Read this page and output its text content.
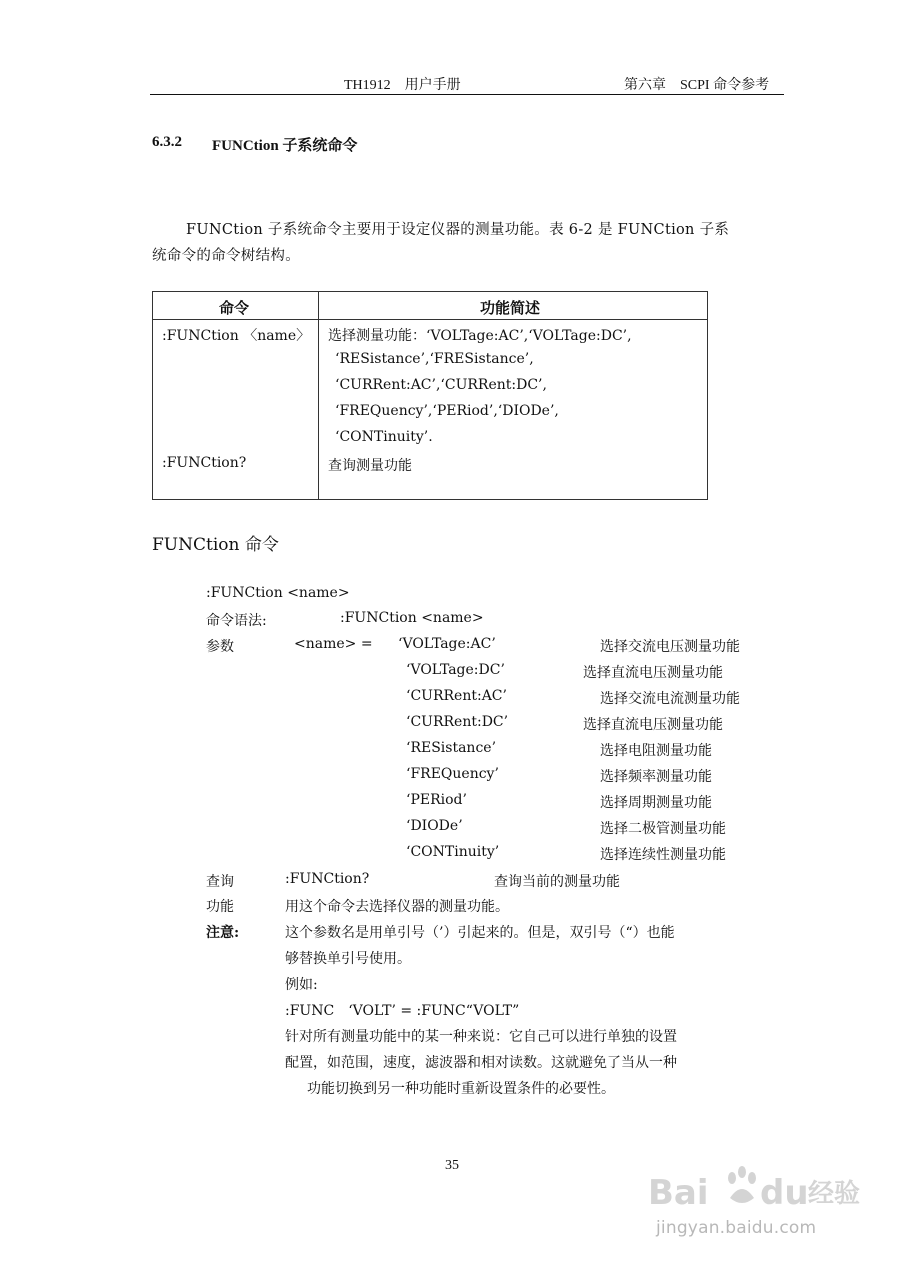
TH1912　用户手册	第六章　SCPI 命令参考
6.3.2 FUNCtion 子系统命令
FUNCtion 子系统命令主要用于设定仪器的测量功能。表 6-2 是 FUNCtion 子系
统命令的命令树结构。
命令	功能简述
:FUNCtion 〈name〉 选择测量功能：‘VOLTage:AC’,‘VOLTage:DC’,
‘RESistance’,‘FRESistance’,
‘CURRent:AC’,‘CURRent:DC’,
‘FREQuency’,‘PERiod’,‘DIODe’,
‘CONTinuity’.
:FUNCtion?	查询测量功能
FUNCtion 命令
:FUNCtion <name>
命令语法:	:FUNCtion <name>
参数	<name> = ‘VOLTage:AC’	选择交流电压测量功能
‘VOLTage:DC’	选择直流电压测量功能
‘CURRent:AC’	选择交流电流测量功能
‘CURRent:DC’	选择直流电压测量功能
‘RESistance’	选择电阻测量功能
‘FREQuency’	选择频率测量功能
‘PERiod’	选择周期测量功能
‘DIODe’	选择二极管测量功能
‘CONTinuity’	选择连续性测量功能
查询	:FUNCtion?	查询当前的测量功能
功能	用这个命令去选择仪器的测量功能。
注意:	这个参数名是用单引号（’）引起来的。但是，双引号（“）也能
够替换单引号使用。
例如:
:FUNC　‘VOLT’ = :FUNC“VOLT”
针对所有测量功能中的某一种来说：它自己可以进行单独的设置
配置，如范围，速度，滤波器和相对读数。这就避免了当从一种
功能切换到另一种功能时重新设置条件的必要性。
35
Bai du 经验
jingyan.baidu.com
